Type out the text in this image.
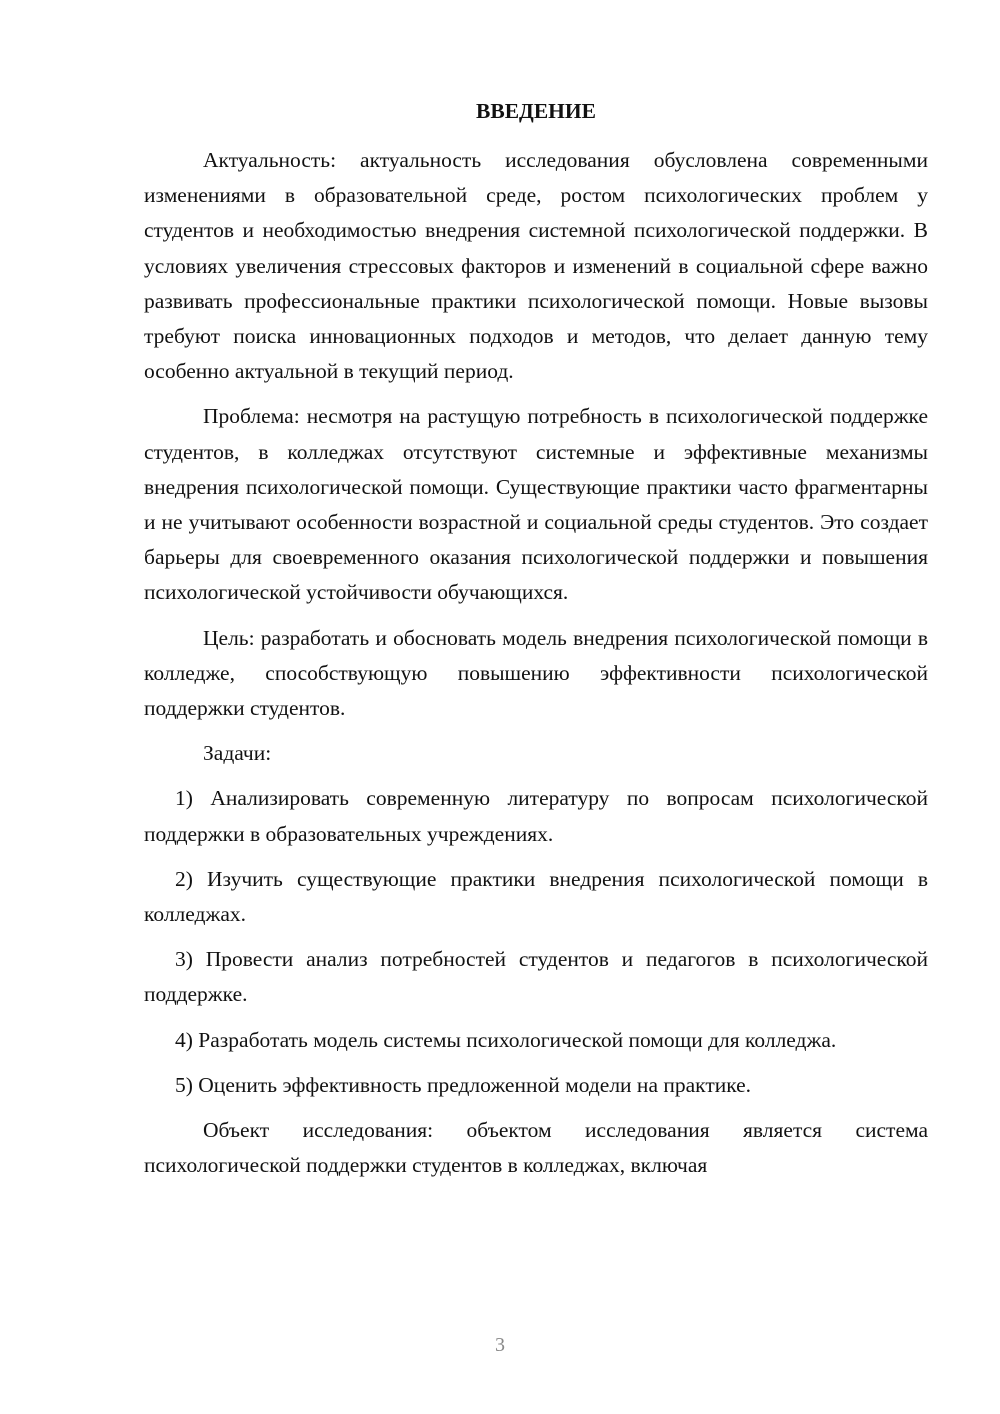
ВВЕДЕНИЕ

Актуальность: актуальность исследования обусловлена современными изменениями в образовательной среде, ростом психологических проблем у студентов и необходимостью внедрения системной психологической поддержки. В условиях увеличения стрессовых факторов и изменений в социальной сфере важно развивать профессиональные практики психологической помощи. Новые вызовы требуют поиска инновационных подходов и методов, что делает данную тему особенно актуальной в текущий период.

Проблема: несмотря на растущую потребность в психологической поддержке студентов, в колледжах отсутствуют системные и эффективные механизмы внедрения психологической помощи. Существующие практики часто фрагментарны и не учитывают особенности возрастной и социальной среды студентов. Это создает барьеры для своевременного оказания психологической поддержки и повышения психологической устойчивости обучающихся.

Цель: разработать и обосновать модель внедрения психологической помощи в колледже, способствующую повышению эффективности психологической поддержки студентов.

Задачи:

1) Анализировать современную литературу по вопросам психологической поддержки в образовательных учреждениях.

2) Изучить существующие практики внедрения психологической помощи в колледжах.

3) Провести анализ потребностей студентов и педагогов в психологической поддержке.

4) Разработать модель системы психологической помощи для колледжа.

5) Оценить эффективность предложенной модели на практике.

Объект исследования: объектом исследования является система психологической поддержки студентов в колледжах, включая

3
